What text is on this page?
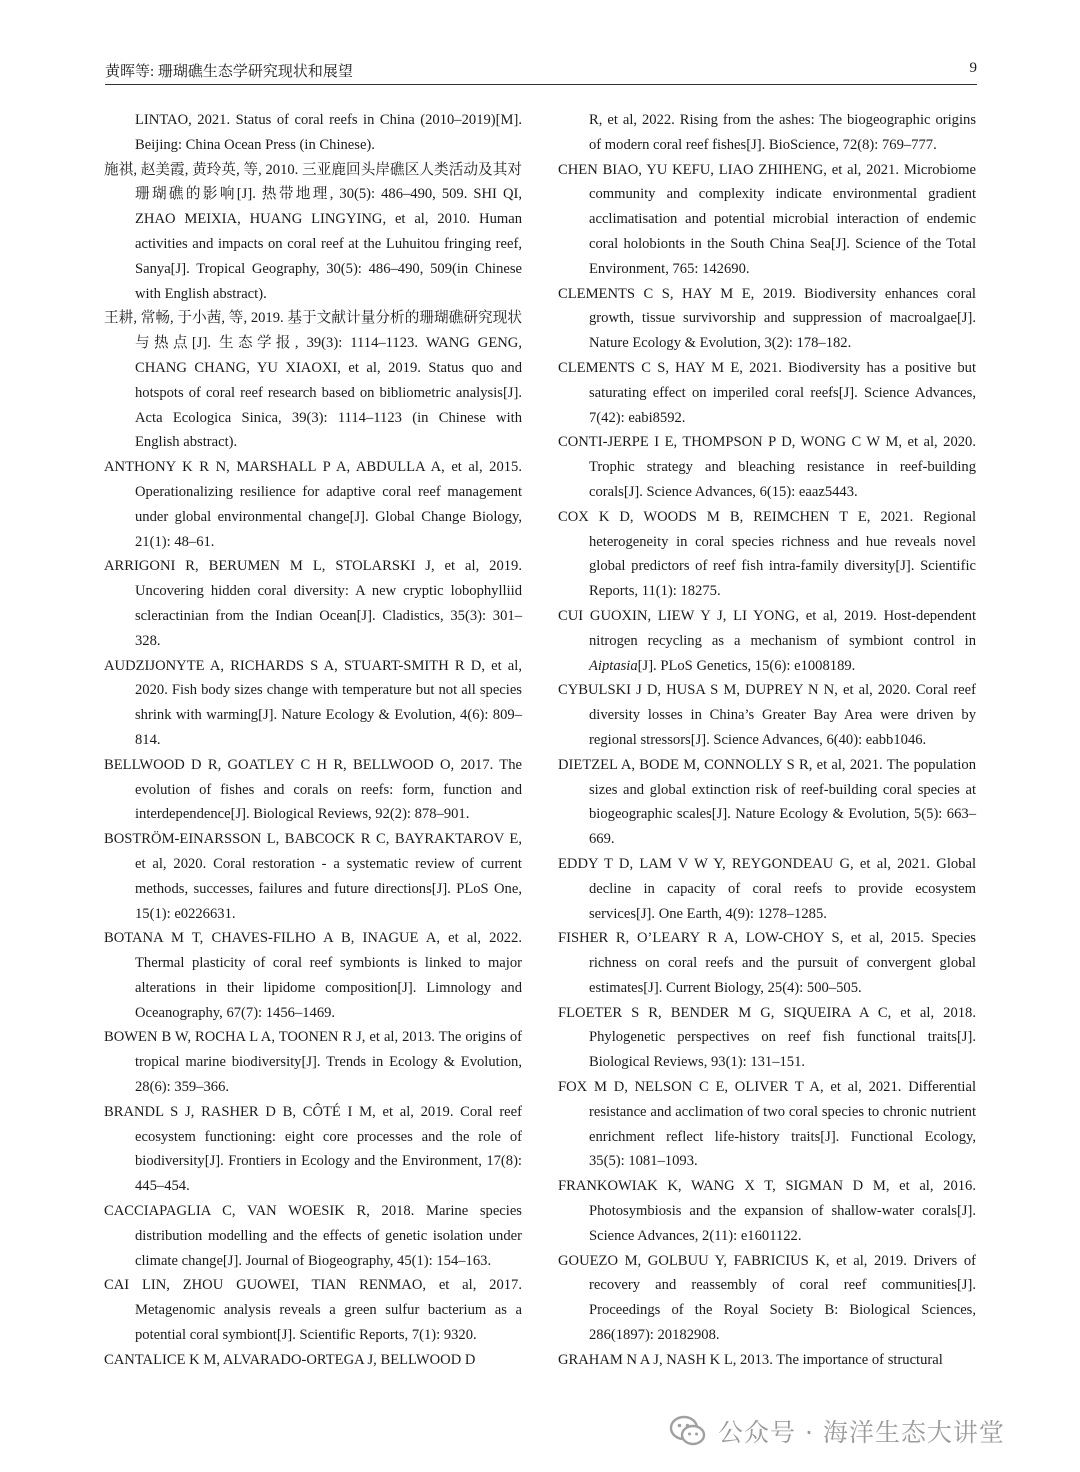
黄晖等: 珊瑚礁生态学研究现状和展望	9

LINTAO, 2021. Status of coral reefs in China (2010–2019)[M]. Beijing: China Ocean Press (in Chinese).

施祺, 赵美霞, 黄玲英, 等, 2010. 三亚鹿回头岸礁区人类活动及其对珊瑚礁的影响[J]. 热带地理, 30(5): 486–490, 509. SHI QI, ZHAO MEIXIA, HUANG LINGYING, et al, 2010. Human activities and impacts on coral reef at the Luhuitou fringing reef, Sanya[J]. Tropical Geography, 30(5): 486–490, 509(in Chinese with English abstract).

王耕, 常畅, 于小茜, 等, 2019. 基于文献计量分析的珊瑚礁研究现状与热点[J]. 生态学报, 39(3): 1114–1123. WANG GENG, CHANG CHANG, YU XIAOXI, et al, 2019. Status quo and hotspots of coral reef research based on bibliometric analysis[J]. Acta Ecologica Sinica, 39(3): 1114–1123 (in Chinese with English abstract).

ANTHONY K R N, MARSHALL P A, ABDULLA A, et al, 2015. Operationalizing resilience for adaptive coral reef management under global environmental change[J]. Global Change Biology, 21(1): 48–61.

ARRIGONI R, BERUMEN M L, STOLARSKI J, et al, 2019. Uncovering hidden coral diversity: A new cryptic lobophylliid scleractinian from the Indian Ocean[J]. Cladistics, 35(3): 301–328.

AUDZIJONYTE A, RICHARDS S A, STUART-SMITH R D, et al, 2020. Fish body sizes change with temperature but not all species shrink with warming[J]. Nature Ecology & Evolution, 4(6): 809–814.

BELLWOOD D R, GOATLEY C H R, BELLWOOD O, 2017. The evolution of fishes and corals on reefs: form, function and interdependence[J]. Biological Reviews, 92(2): 878–901.

BOSTRÖM-EINARSSON L, BABCOCK R C, BAYRAKTAROV E, et al, 2020. Coral restoration - a systematic review of current methods, successes, failures and future directions[J]. PLoS One, 15(1): e0226631.

BOTANA M T, CHAVES-FILHO A B, INAGUE A, et al, 2022. Thermal plasticity of coral reef symbionts is linked to major alterations in their lipidome composition[J]. Limnology and Oceanography, 67(7): 1456–1469.

BOWEN B W, ROCHA L A, TOONEN R J, et al, 2013. The origins of tropical marine biodiversity[J]. Trends in Ecology & Evolution, 28(6): 359–366.

BRANDL S J, RASHER D B, CÔTÉ I M, et al, 2019. Coral reef ecosystem functioning: eight core processes and the role of biodiversity[J]. Frontiers in Ecology and the Environment, 17(8): 445–454.

CACCIAPAGLIA C, VAN WOESIK R, 2018. Marine species distribution modelling and the effects of genetic isolation under climate change[J]. Journal of Biogeography, 45(1): 154–163.

CAI LIN, ZHOU GUOWEI, TIAN RENMAO, et al, 2017. Metagenomic analysis reveals a green sulfur bacterium as a potential coral symbiont[J]. Scientific Reports, 7(1): 9320.

CANTALICE K M, ALVARADO-ORTEGA J, BELLWOOD D

R, et al, 2022. Rising from the ashes: The biogeographic origins of modern coral reef fishes[J]. BioScience, 72(8): 769–777.

CHEN BIAO, YU KEFU, LIAO ZHIHENG, et al, 2021. Microbiome community and complexity indicate environmental gradient acclimatisation and potential microbial interaction of endemic coral holobionts in the South China Sea[J]. Science of the Total Environment, 765: 142690.

CLEMENTS C S, HAY M E, 2019. Biodiversity enhances coral growth, tissue survivorship and suppression of macroalgae[J]. Nature Ecology & Evolution, 3(2): 178–182.

CLEMENTS C S, HAY M E, 2021. Biodiversity has a positive but saturating effect on imperiled coral reefs[J]. Science Advances, 7(42): eabi8592.

CONTI-JERPE I E, THOMPSON P D, WONG C W M, et al, 2020. Trophic strategy and bleaching resistance in reef-building corals[J]. Science Advances, 6(15): eaaz5443.

COX K D, WOODS M B, REIMCHEN T E, 2021. Regional heterogeneity in coral species richness and hue reveals novel global predictors of reef fish intra-family diversity[J]. Scientific Reports, 11(1): 18275.

CUI GUOXIN, LIEW Y J, LI YONG, et al, 2019. Host-dependent nitrogen recycling as a mechanism of symbiont control in Aiptasia[J]. PLoS Genetics, 15(6): e1008189.

CYBULSKI J D, HUSA S M, DUPREY N N, et al, 2020. Coral reef diversity losses in China’s Greater Bay Area were driven by regional stressors[J]. Science Advances, 6(40): eabb1046.

DIETZEL A, BODE M, CONNOLLY S R, et al, 2021. The population sizes and global extinction risk of reef-building coral species at biogeographic scales[J]. Nature Ecology & Evolution, 5(5): 663–669.

EDDY T D, LAM V W Y, REYGONDEAU G, et al, 2021. Global decline in capacity of coral reefs to provide ecosystem services[J]. One Earth, 4(9): 1278–1285.

FISHER R, O’LEARY R A, LOW-CHOY S, et al, 2015. Species richness on coral reefs and the pursuit of convergent global estimates[J]. Current Biology, 25(4): 500–505.

FLOETER S R, BENDER M G, SIQUEIRA A C, et al, 2018. Phylogenetic perspectives on reef fish functional traits[J]. Biological Reviews, 93(1): 131–151.

FOX M D, NELSON C E, OLIVER T A, et al, 2021. Differential resistance and acclimation of two coral species to chronic nutrient enrichment reflect life-history traits[J]. Functional Ecology, 35(5): 1081–1093.

FRANKOWIAK K, WANG X T, SIGMAN D M, et al, 2016. Photosymbiosis and the expansion of shallow-water corals[J]. Science Advances, 2(11): e1601122.

GOUEZO M, GOLBUU Y, FABRICIUS K, et al, 2019. Drivers of recovery and reassembly of coral reef communities[J]. Proceedings of the Royal Society B: Biological Sciences, 286(1897): 20182908.

GRAHAM N A J, NASH K L, 2013. The importance of structural

公众号 · 海洋生态大讲堂
